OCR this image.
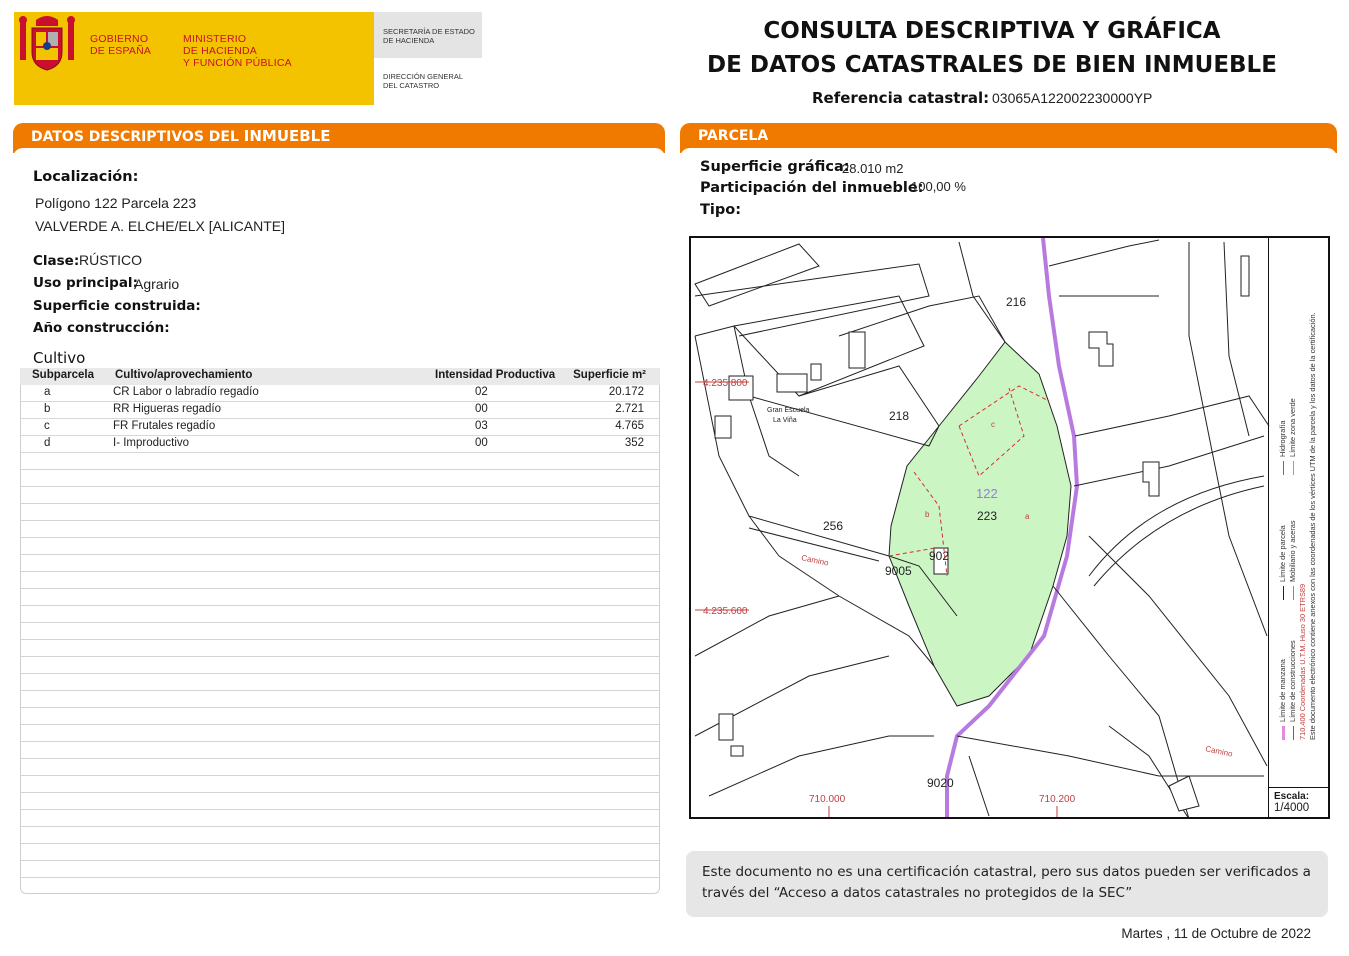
GOBIERNO
DE ESPAÑA
MINISTERIO
DE HACIENDA
Y FUNCIÓN PÚBLICA
SECRETARÍA DE ESTADO
DE HACIENDA
DIRECCIÓN GENERAL
DEL CATASTRO
CONSULTA DESCRIPTIVA Y GRÁFICA
DE DATOS CATASTRALES DE BIEN INMUEBLE
Referencia catastral: 03065A122002230000YP
DATOS DESCRIPTIVOS DEL INMUEBLE
Localización:
Polígono 122 Parcela 223
VALVERDE A. ELCHE/ELX [ALICANTE]
Clase: RÚSTICO
Uso principal:
Agrario
Superficie construida:
Año construcción:
Cultivo
Subparcela Cultivo/aprovechamiento	Intensidad Productiva Superficie m²
a	CR Labor o labradío regadío	02	20.172
b	RR Higueras regadío	00	2.721
c	FR Frutales regadío	03	4.765
d	I- Improductivo	00	352
PARCELA
Superficie gráfica:
28.010 m2
Participación del inmueble:
100,00 %
Tipo:
216
218
256
122
223
902
9005
9020
Gran Escuela
La Viña
Camino
Camino
a
b
c
4.235.800
4.235.600
710.000	710.200
Límite de manzana Límite de construcciones
Límite de parcela Mobiliario y aceras
Hidrografía Límite zona verde
710.400 Coordenadas U.T.M. Huso 30 ETRS89 Este documento electrónico contiene anexos con las coordenadas de los vértices UTM de la parcela y los datos de la certificación.
Escala:
1/4000
Este documento no es una certificación catastral, pero sus datos pueden ser verificados a través del “Acceso a datos catastrales no protegidos de la SEC”
Martes , 11 de Octubre de 2022
